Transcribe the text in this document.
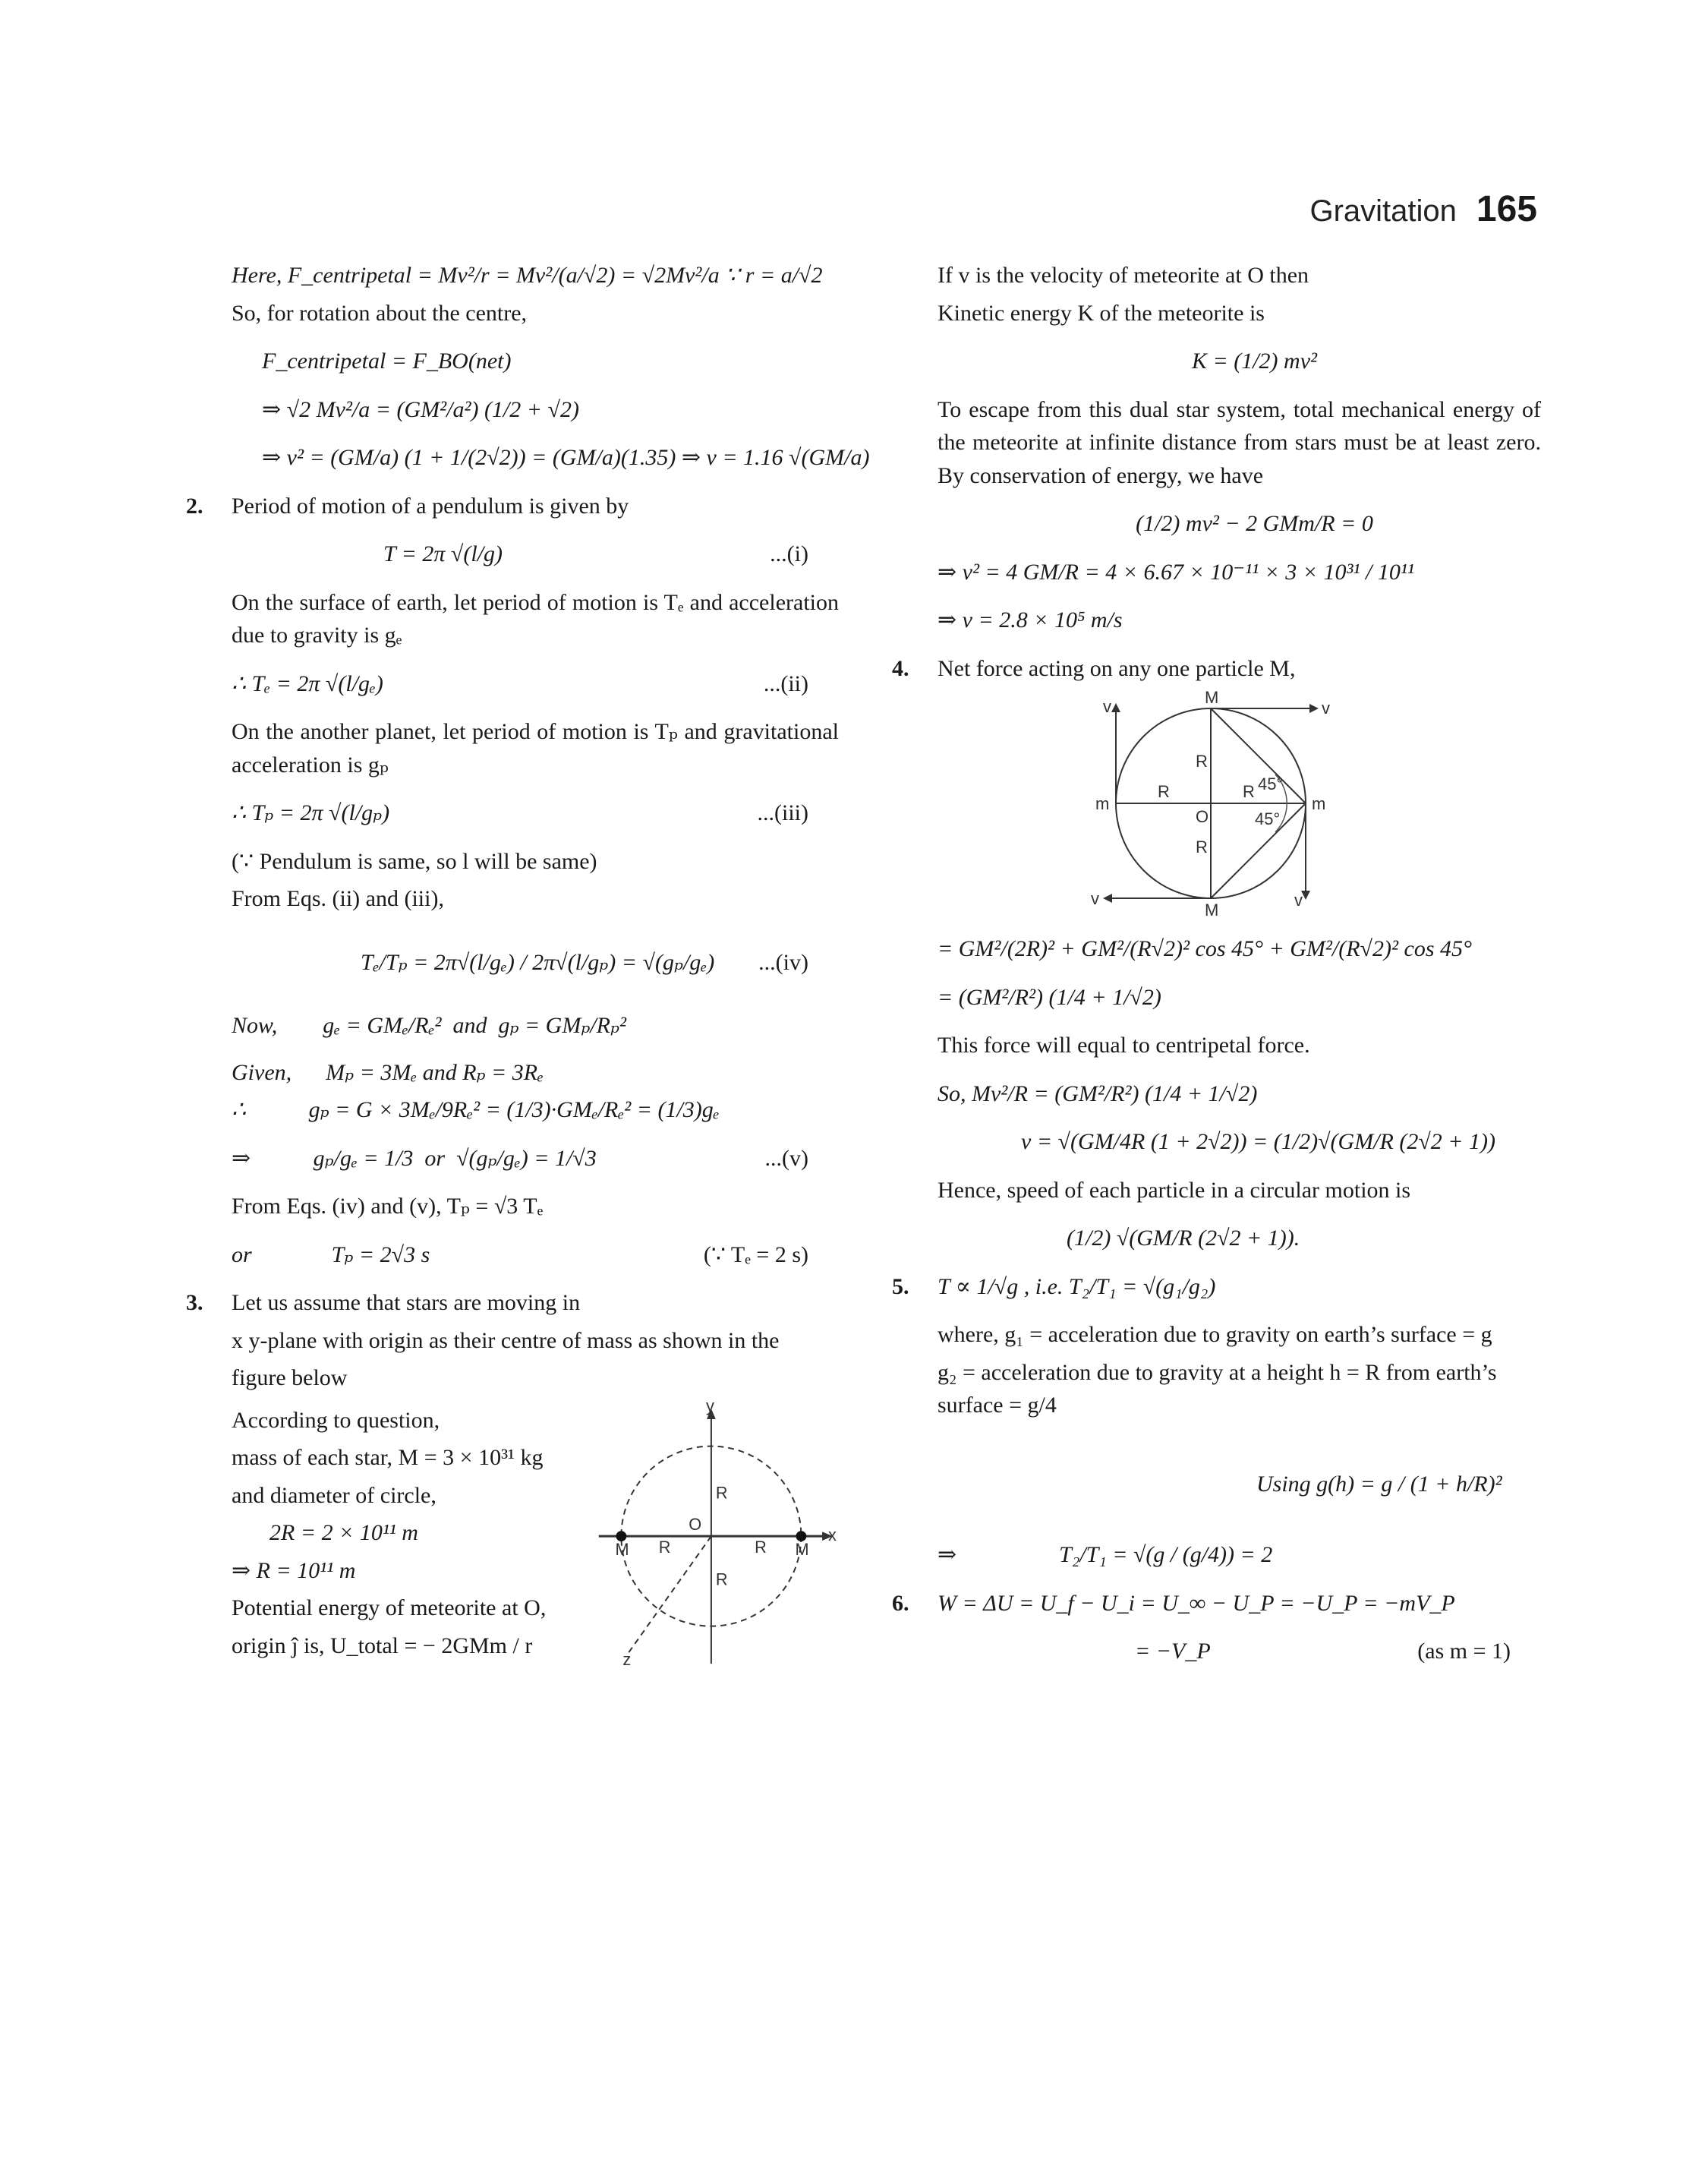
Gravitation 165
Here, F_centripetal = Mv²/r = Mv²/(a/√2) = √2Mv²/a ∵ r = a/√2
So, for rotation about the centre,
F_centripetal = F_BO(net)
⇒ √2 Mv²/a = (GM²/a²) (1/2 + √2)
⇒ v² = (GM/a) (1 + 1/(2√2)) = (GM/a)(1.35) ⇒ v = 1.16 √(GM/a)
2. Period of motion of a pendulum is given by
T = 2π √(l/g)	...(i)
On the surface of earth, let period of motion is Tₑ and acceleration due to gravity is gₑ
∴ Tₑ = 2π √(l/gₑ)	...(ii)
On the another planet, let period of motion is Tₚ and gravitational acceleration is gₚ
∴ Tₚ = 2π √(l/gₚ)	...(iii)
(∵ Pendulum is same, so l will be same)
From Eqs. (ii) and (iii),
Tₑ/Tₚ = 2π√(l/gₑ) / 2π√(l/gₚ) = √(gₚ/gₑ) ...(iv)
Now,        gₑ = GMₑ/Rₑ²  and  gₚ = GMₚ/Rₚ²
Given,      Mₚ = 3Mₑ and Rₚ = 3Rₑ
∴           gₚ = G × 3Mₑ/9Rₑ² = (1/3)·GMₑ/Rₑ² = (1/3)gₑ
⇒           gₚ/gₑ = 1/3  or  √(gₚ/gₑ) = 1/√3	...(v)
From Eqs. (iv) and (v), Tₚ = √3 Tₑ
or              Tₚ = 2√3 s	(∵ Tₑ = 2 s)
3. Let us assume that stars are moving in
x y-plane with origin as their centre of mass as shown in the
figure below
According to question,
mass of each star, M = 3 × 10³¹ kg
and diameter of circle,
2R = 2 × 10¹¹ m
⇒ R = 10¹¹ m
Potential energy of meteorite at O,
origin ĵ is, U_total = − 2GMm / r
y
x
z
O
R
R	R
R
M	M
If v is the velocity of meteorite at O then
Kinetic energy K of the meteorite is
K = (1/2) mv²
To escape from this dual star system, total mechanical energy of the meteorite at infinite distance from stars must be at least zero. By conservation of energy, we have
(1/2) mv² − 2 GMm/R = 0
⇒ v² = 4 GM/R = 4 × 6.67 × 10⁻¹¹ × 3 × 10³¹ / 10¹¹
⇒ v = 2.8 × 10⁵ m/s
4. Net force acting on any one particle M,
M
M
m	m
v
v
v	v
R
R	R
R
O
45°
45°
= GM²/(2R)² + GM²/(R√2)² cos 45° + GM²/(R√2)² cos 45°
= (GM²/R²) (1/4 + 1/√2)
This force will equal to centripetal force.
So, Mv²/R = (GM²/R²) (1/4 + 1/√2)
v = √(GM/4R (1 + 2√2)) = (1/2)√(GM/R (2√2 + 1))
Hence, speed of each particle in a circular motion is
(1/2) √(GM/R (2√2 + 1)).
5. T ∝ 1/√g , i.e. T₂/T₁ = √(g₁/g₂)
where, g₁ = acceleration due to gravity on earth’s surface = g
g₂ = acceleration due to gravity at a height h = R from earth’s surface = g/4
Using g(h) = g / (1 + h/R)²
⇒                  T₂/T₁ = √(g / (g/4)) = 2
6. W = ΔU = U_f − U_i = U_∞ − U_P = −U_P = −mV_P
= −V_P	(as m = 1)
